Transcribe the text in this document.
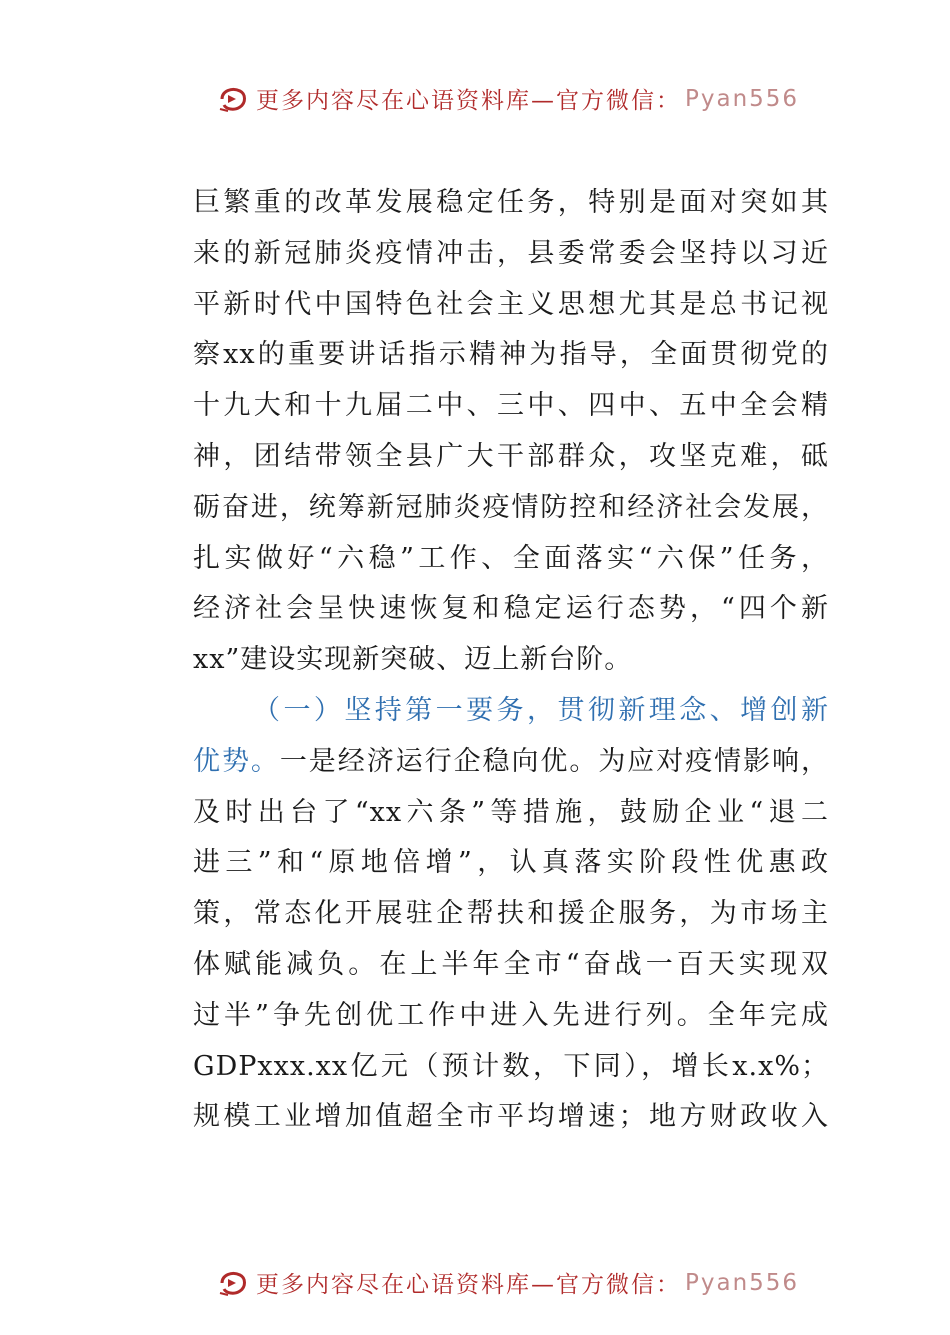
更多内容尽在心语资料库—官方微信： Pyan556
巨繁重的改革发展稳定任务，特别是面对突如其
来的新冠肺炎疫情冲击，县委常委会坚持以习近
平新时代中国特色社会主义思想尤其是总书记视
察xx的重要讲话指示精神为指导，全面贯彻党的
十九大和十九届二中、三中、四中、五中全会精
神，团结带领全县广大干部群众，攻坚克难，砥
砺奋进，统筹新冠肺炎疫情防控和经济社会发展，
扎实做好“六稳”工作、全面落实“六保”任务，
经济社会呈快速恢复和稳定运行态势，“四个新
xx”建设实现新突破、迈上新台阶。
（一）坚持第一要务，贯彻新理念、增创新
优势。一是经济运行企稳向优。为应对疫情影响，
及时出台了“xx六条”等措施，鼓励企业“退二
进三”和“原地倍增”，认真落实阶段性优惠政
策，常态化开展驻企帮扶和援企服务，为市场主
体赋能减负。在上半年全市“奋战一百天实现双
过半”争先创优工作中进入先进行列。全年完成
GDPxxx.xx亿元（预计数，下同），增长x.x%；
规模工业增加值超全市平均增速；地方财政收入
更多内容尽在心语资料库—官方微信： Pyan556
